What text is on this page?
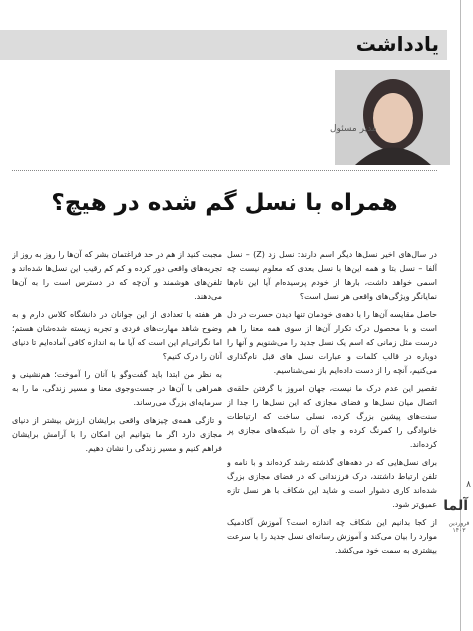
۸
آلما
فروردین ۱۴۰۳
یادداشت
مدیر مسئول
همراه با نسل گم شده در هیچ؟

در سال‌های اخیر نسل‌ها دیگر اسم دارند: نسل زد (Z) – نسل آلفا – نسل بتا و همه این‌ها با نسل بعدی که معلوم نیست چه اسمی خواهد داشت، بارها از خودم پرسیده‌ام آیا این نام‌ها نمایانگر ویژگی‌های واقعی هر نسل است؟

حاصل مقایسه آن‌ها را با دهه‌ی خودمان تنها دیدن حسرت در دل است و با محصول درک تکرار آن‌ها از سوی همه معنا را هم درست مثل زمانی که اسم یک نسل جدید را می‌شنویم و آنها را دوباره در قالب کلمات و عبارات نسل های قبل نام‌گذاری می‌کنیم، آنچه را از دست داده‌ایم باز نمی‌شناسیم.

تقصیر این عدم درک ما نیست، جهان امروز با گرفتن حلقه‌ی اتصال میان نسل‌ها و فضای مجازی که این نسل‌ها را جدا از سنت‌های پیشین بزرگ کرده، نسلی ساخت که ارتباطات خانوادگی را کمرنگ کرده و جای آن را شبکه‌های مجازی پر کرده‌اند.

برای نسل‌هایی که در دهه‌های گذشته رشد کرده‌اند و با نامه و تلفن ارتباط داشتند، درک فرزندانی که در فضای مجازی بزرگ شده‌اند کاری دشوار است و شاید این شکاف با هر نسل تازه عمیق‌تر شود.

از کجا بدانیم این شکاف چه اندازه است؟ آموزش آکادمیک موارد را بیان می‌کند و آموزش رسانه‌ای نسل جدید را با سرعت بیشتری به سمت خود می‌کشد.

مجبت کنید از هم در حد فراغتمان بشر که آن‌ها را روز به روز از تجربه‌های واقعی دور کرده و کم کم رقیب این نسل‌ها شده‌اند و تلفن‌های هوشمند و آن‌چه که در دسترس است را به آن‌ها می‌دهند.

هر هفته با تعدادی از این جوانان در دانشگاه کلاس دارم و به وضوح شاهد مهارت‌های فردی و تجربه زیسته شده‌شان هستم؛ اما نگرانی‌ام این است که آیا ما به اندازه کافی آماده‌ایم تا دنیای آنان را درک کنیم؟

به نظر من ابتدا باید گفت‌وگو با آنان را آموخت؛ هم‌نشینی و همراهی با آن‌ها در جست‌وجوی معنا و مسیر زندگی، ما را به سرمایه‌ای بزرگ می‌رساند.

و تازگی همه‌ی چیزهای واقعی برایشان ارزش بیشتر از دنیای مجازی دارد اگر ما بتوانیم این امکان را با آرامش برایشان فراهم کنیم و مسیر زندگی را نشان دهیم.
